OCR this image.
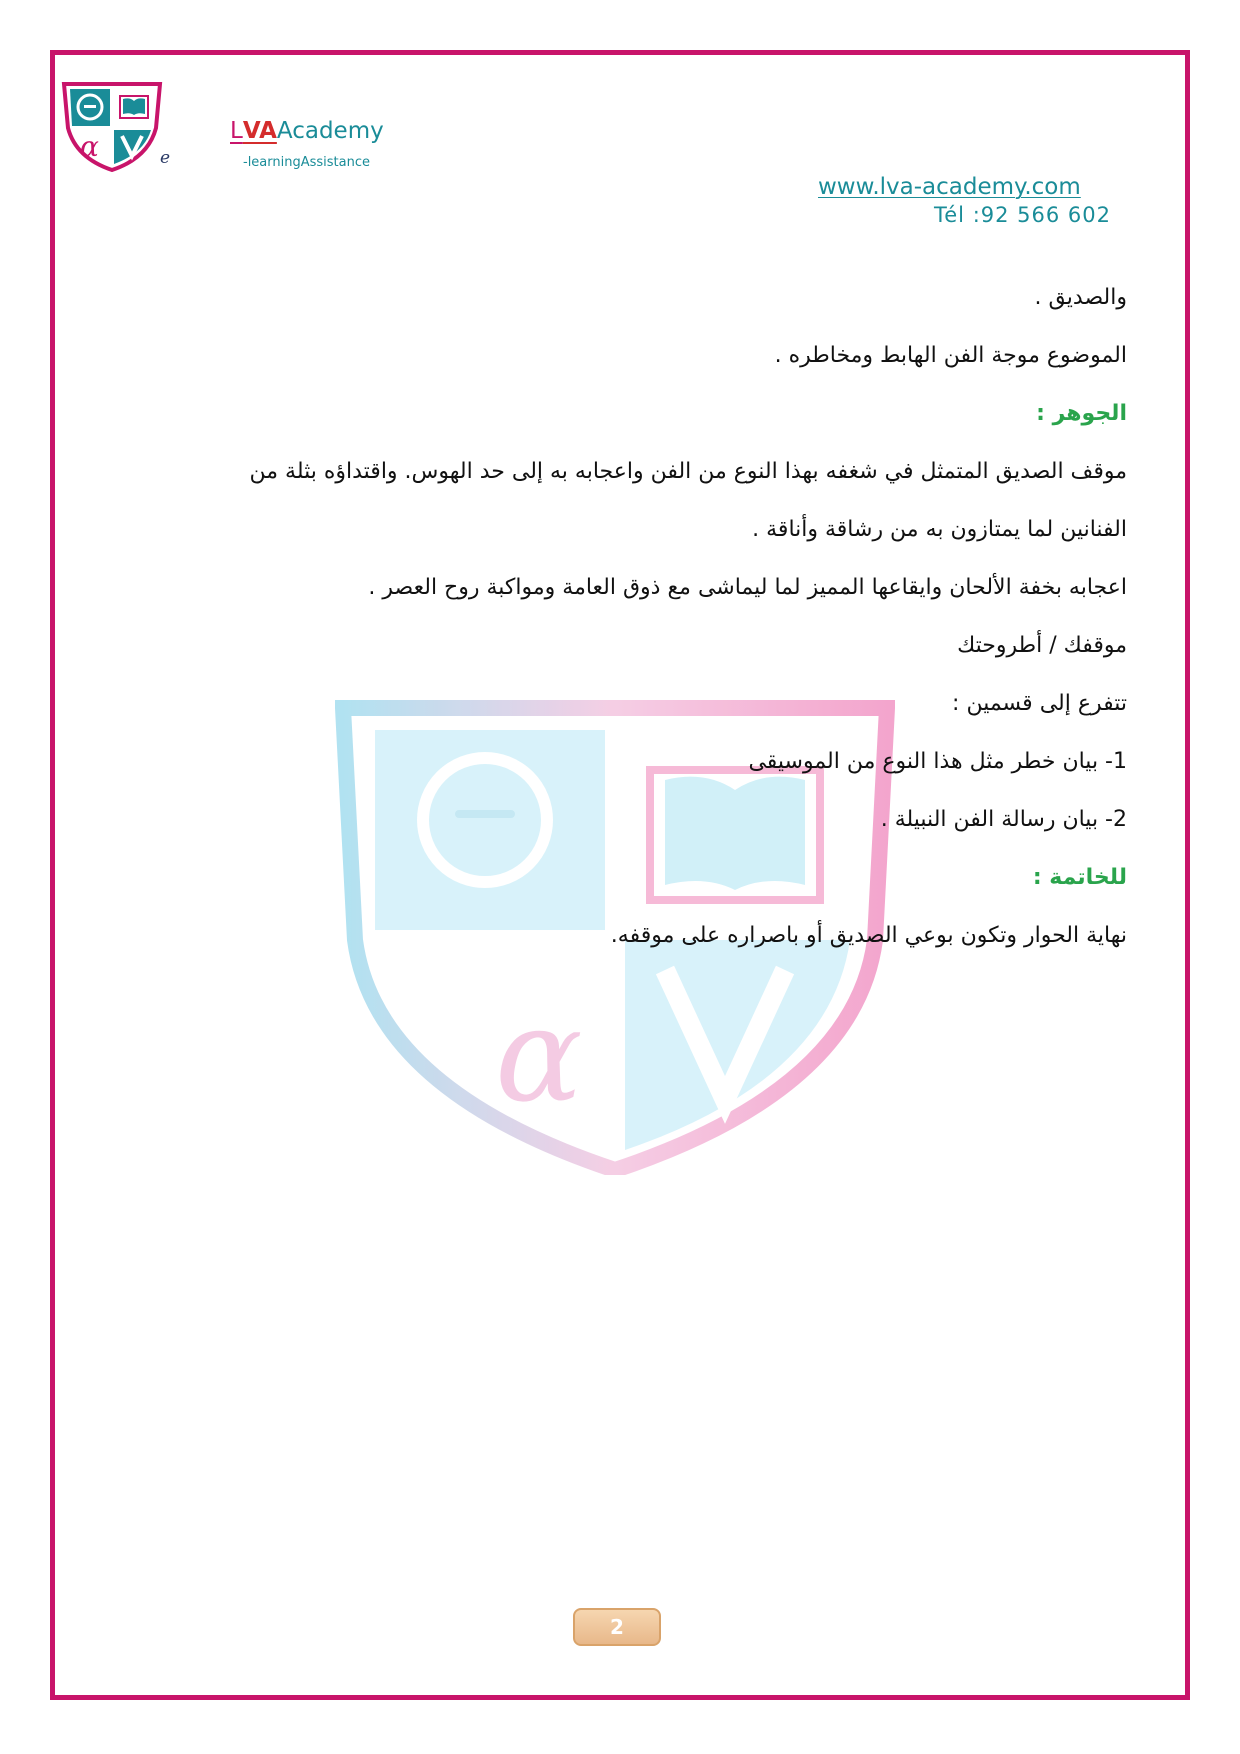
α
α	e
LVAAcademy
-learningAssistance
www.lva-academy.com
Tél :92 566 602
والصديق .
الموضوع موجة الفن الهابط ومخاطره .
الجوهر :
موقف الصديق المتمثل في شغفه بهذا النوع من الفن واعجابه به إلى حد الهوس. واقتداؤه بثلة من
الفنانين لما يمتازون به من رشاقة وأناقة .
اعجابه بخفة الألحان وايقاعها المميز لما ليماشى مع ذوق العامة ومواكبة روح العصر .
موقفك / أطروحتك
تتفرع إلى قسمين :
1- بيان خطر مثل هذا النوع من الموسيقى
2- بيان رسالة الفن النبيلة .
للخاتمة :
نهاية الحوار وتكون بوعي الصديق أو باصراره على موقفه.
2
